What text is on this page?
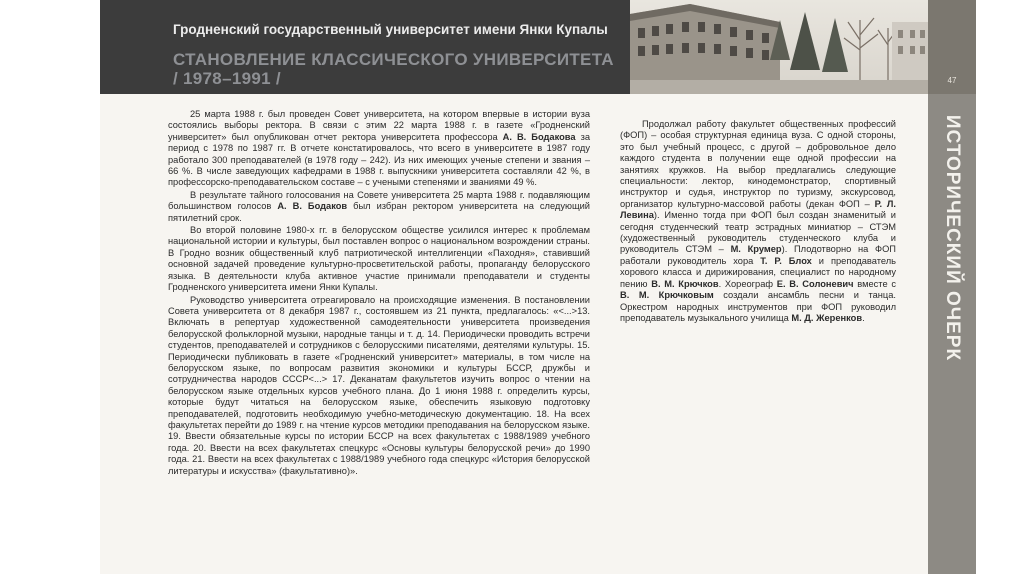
Гродненский государственный университет имени Янки Купалы
СТАНОВЛЕНИЕ КЛАССИЧЕСКОГО УНИВЕРСИТЕТА
/ 1978–1991 /	47
ИСТОРИЧЕСКИЙ ОЧЕРК

25 марта 1988 г. был проведен Совет университета, на котором впервые в истории вуза состоялись выборы ректора. В связи с этим 22 марта 1988 г. в газете «Гродненский университет» был опубликован отчет ректора университета профессора А. В. Бодакова за период с 1978 по 1987 гг. В отчете констатировалось, что всего в университете в 1987 году работало 300 преподавателей (в 1978 году – 242). Из них имеющих ученые степени и звания – 66 %. В числе заведующих кафедрами в 1988 г. выпускники университета составляли 42 %, в профессорско-преподавательском составе – с учеными степенями и званиями 49 %.

В результате тайного голосования на Совете университета 25 марта 1988 г. подавляющим большинством голосов А. В. Бодаков был избран ректором университета на следующий пятилетний срок.

Во второй половине 1980-х гг. в белорусском обществе усилился интерес к проблемам национальной истории и культуры, был поставлен вопрос о национальном возрождении страны. В Гродно возник общественный клуб патриотической интеллигенции «Паходня», ставивший основной задачей проведение культурно-просветительской работы, пропаганду белорусского языка. В деятельности клуба активное участие принимали преподаватели и студенты Гродненского университета имени Янки Купалы.

Руководство университета отреагировало на происходящие изменения. В постановлении Совета университета от 8 декабря 1987 г., состоявшем из 21 пункта, предлагалось: «<...>13. Включать в репертуар художественной самодеятельности университета произведения белорусской фольклорной музыки, народные танцы и т. д. 14. Периодически проводить встречи студентов, преподавателей и сотрудников с белорусскими писателями, деятелями культуры. 15. Периодически публиковать в газете «Гродненский университет» материалы, в том числе на белорусском языке, по вопросам развития экономики и культуры БССР, дружбы и сотрудничества народов СССР<...> 17. Деканатам факультетов изучить вопрос о чтении на белорусском языке отдельных курсов учебного плана. До 1 июня 1988 г. определить курсы, которые будут читаться на белорусском языке, обеспечить языковую подготовку преподавателей, подготовить необходимую учебно-методическую документацию. 18. На всех факультетах перейти до 1989 г. на чтение курсов методики преподавания на белорусском языке. 19. Ввести обязательные курсы по истории БССР на всех факультетах с 1988/1989 учебного года. 20. Ввести на всех факультетах спецкурс «Основы культуры белорусской речи» до 1990 года. 21. Ввести на всех факультетах с 1988/1989 учебного года спецкурс «История белорусской литературы и искусства» (факультативно)».

Продолжал работу факультет общественных профессий (ФОП) – особая структурная единица вуза. С одной стороны, это был учебный процесс, с другой – добровольное дело каждого студента в получении еще одной профессии на занятиях кружков. На выбор предлагались следующие специальности: лектор, кинодемонстратор, спортивный инструктор и судья, инструктор по туризму, экскурсовод, организатор культурно-массовой работы (декан ФОП – Р. Л. Левина). Именно тогда при ФОП был создан знаменитый и сегодня студенческий театр эстрадных миниатюр – СТЭМ (художественный руководитель студенческого клуба и руководитель СТЭМ – М. Крумер). Плодотворно на ФОП работали руководитель хора Т. Р. Блох и преподаватель хорового класса и дирижирования, специалист по народному пению В. М. Крючков. Хореограф Е. В. Солоневич вместе с В. М. Крючковым создали ансамбль песни и танца. Оркестром народных инструментов при ФОП руководил преподаватель музыкального училища М. Д. Жеренков.
